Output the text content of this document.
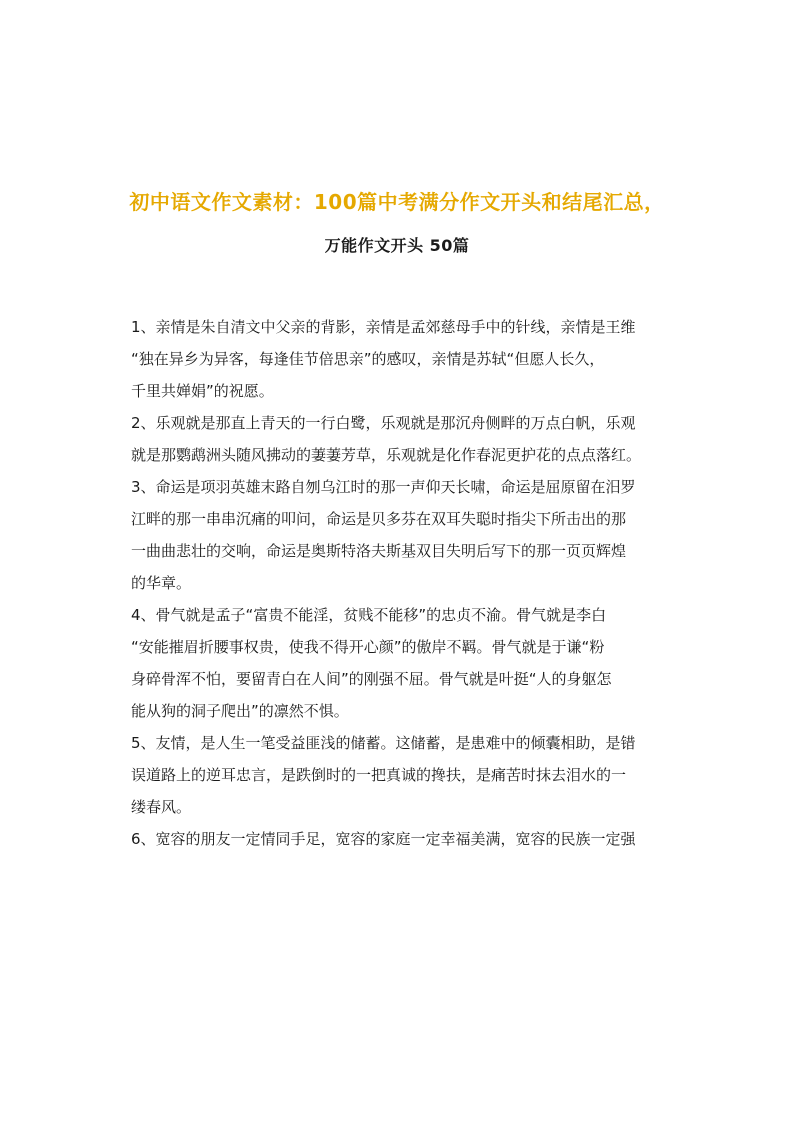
初中语文作文素材：100篇中考满分作文开头和结尾汇总，
万能作文开头 50篇
1、亲情是朱自清文中父亲的背影，亲情是孟郊慈母手中的针线，亲情是王维
“独在异乡为异客，每逢佳节倍思亲”的感叹，亲情是苏轼“但愿人长久，
千里共婵娟”的祝愿。
2、乐观就是那直上青天的一行白鹭，乐观就是那沉舟侧畔的万点白帆，乐观
就是那鹦鹉洲头随风拂动的萋萋芳草，乐观就是化作春泥更护花的点点落红。
3、命运是项羽英雄末路自刎乌江时的那一声仰天长啸，命运是屈原留在汨罗
江畔的那一串串沉痛的叩问，命运是贝多芬在双耳失聪时指尖下所击出的那
一曲曲悲壮的交响，命运是奥斯特洛夫斯基双目失明后写下的那一页页辉煌
的华章。
4、骨气就是孟子“富贵不能淫，贫贱不能移”的忠贞不渝。骨气就是李白
“安能摧眉折腰事权贵，使我不得开心颜”的傲岸不羁。骨气就是于谦“粉
身碎骨浑不怕，要留青白在人间”的刚强不屈。骨气就是叶挺“人的身躯怎
能从狗的洞子爬出”的凛然不惧。
5、友情，是人生一笔受益匪浅的储蓄。这储蓄，是患难中的倾囊相助，是错
误道路上的逆耳忠言，是跌倒时的一把真诚的搀扶，是痛苦时抹去泪水的一
缕春风。
6、宽容的朋友一定情同手足，宽容的家庭一定幸福美满，宽容的民族一定强
